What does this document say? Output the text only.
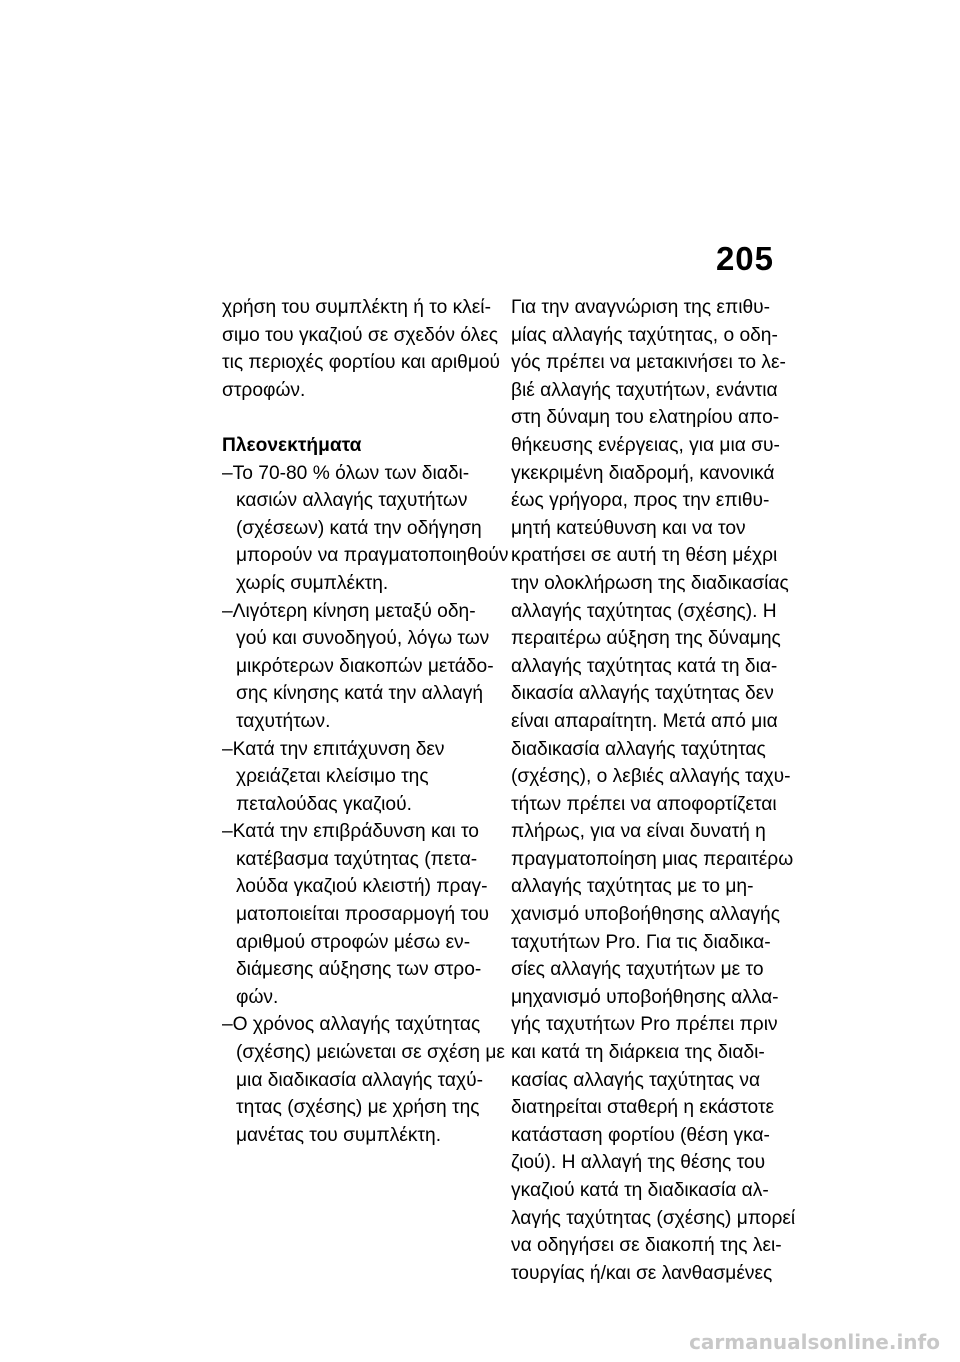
205
χρήση του συμπλέκτη ή το κλεί-
σιμο του γκαζιού σε σχεδόν όλες
τις περιοχές φορτίου και αριθμού
στροφών.
Πλεονεκτήματα
–Το 70-80 % όλων των διαδι-
κασιών αλλαγής ταχυτήτων
(σχέσεων) κατά την οδήγηση
μπορούν να πραγματοποιηθούν
χωρίς συμπλέκτη.
–Λιγότερη κίνηση μεταξύ οδη-
γού και συνοδηγού, λόγω των
μικρότερων διακοπών μετάδο-
σης κίνησης κατά την αλλαγή
ταχυτήτων.
–Κατά την επιτάχυνση δεν
χρειάζεται κλείσιμο της
πεταλούδας γκαζιού.
–Κατά την επιβράδυνση και το
κατέβασμα ταχύτητας (πετα-
λούδα γκαζιού κλειστή) πραγ-
ματοποιείται προσαρμογή του
αριθμού στροφών μέσω εν-
διάμεσης αύξησης των στρο-
φών.
–Ο χρόνος αλλαγής ταχύτητας
(σχέσης) μειώνεται σε σχέση με
μια διαδικασία αλλαγής ταχύ-
τητας (σχέσης) με χρήση της
μανέτας του συμπλέκτη.
Για την αναγνώριση της επιθυ-
μίας αλλαγής ταχύτητας, ο οδη-
γός πρέπει να μετακινήσει το λε-
βιέ αλλαγής ταχυτήτων, ενάντια
στη δύναμη του ελατηρίου απο-
θήκευσης ενέργειας, για μια συ-
γκεκριμένη διαδρομή, κανονικά
έως γρήγορα, προς την επιθυ-
μητή κατεύθυνση και να τον
κρατήσει σε αυτή τη θέση μέχρι
την ολοκλήρωση της διαδικασίας
αλλαγής ταχύτητας (σχέσης). Η
περαιτέρω αύξηση της δύναμης
αλλαγής ταχύτητας κατά τη δια-
δικασία αλλαγής ταχύτητας δεν
είναι απαραίτητη. Μετά από μια
διαδικασία αλλαγής ταχύτητας
(σχέσης), ο λεβιές αλλαγής ταχυ-
τήτων πρέπει να αποφορτίζεται
πλήρως, για να είναι δυνατή η
πραγματοποίηση μιας περαιτέρω
αλλαγής ταχύτητας με το μη-
χανισμό υποβοήθησης αλλαγής
ταχυτήτων Pro. Για τις διαδικα-
σίες αλλαγής ταχυτήτων με το
μηχανισμό υποβοήθησης αλλα-
γής ταχυτήτων Pro πρέπει πριν
και κατά τη διάρκεια της διαδι-
κασίας αλλαγής ταχύτητας να
διατηρείται σταθερή η εκάστοτε
κατάσταση φορτίου (θέση γκα-
ζιού). Η αλλαγή της θέσης του
γκαζιού κατά τη διαδικασία αλ-
λαγής ταχύτητας (σχέσης) μπορεί
να οδηγήσει σε διακοπή της λει-
τουργίας ή/και σε λανθασμένες
carmanualsonline.info
